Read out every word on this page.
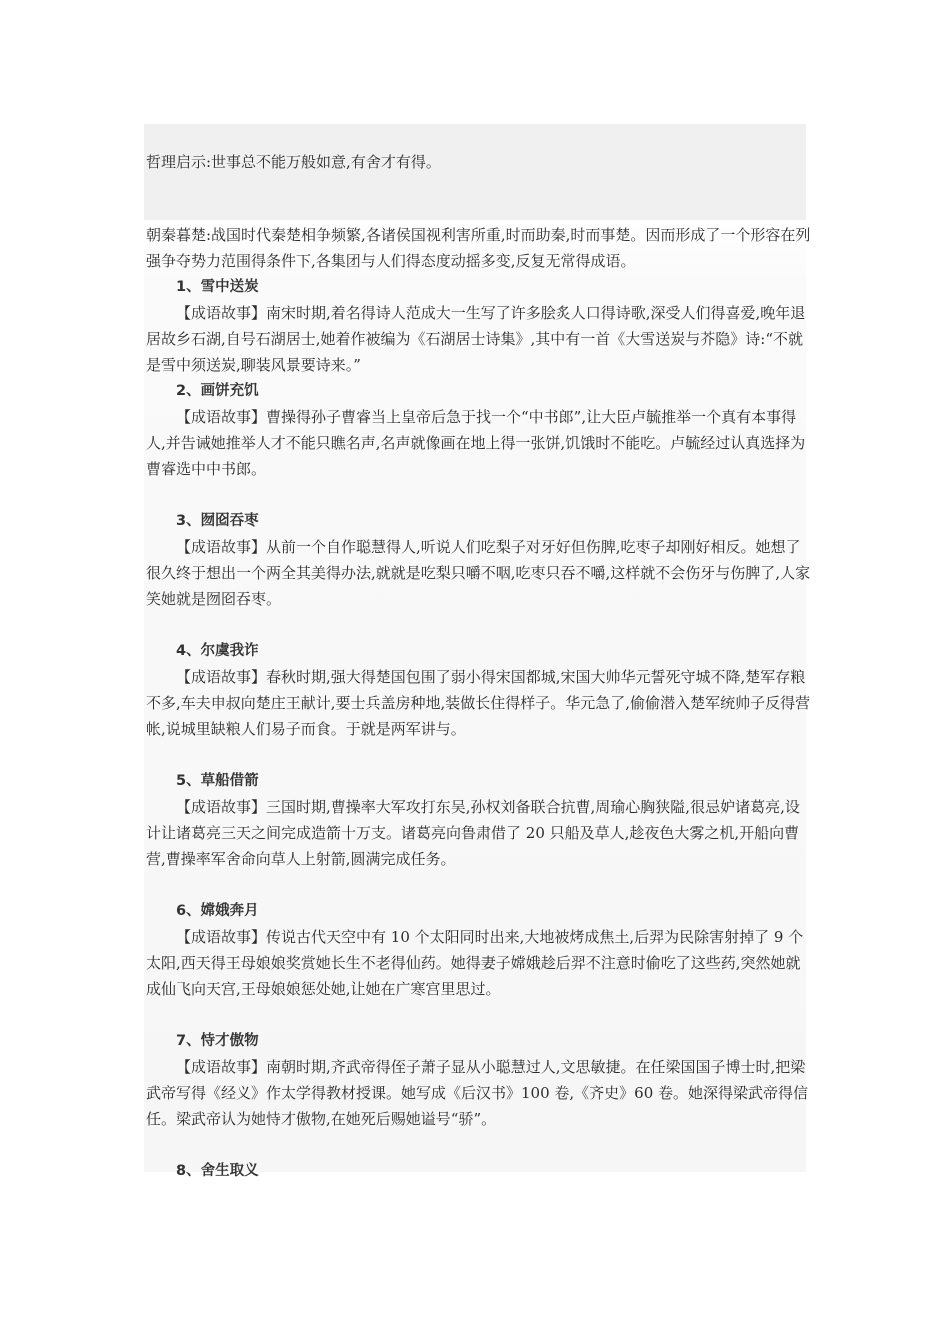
哲理启示:世事总不能万般如意,有舍才有得。

朝秦暮楚:战国时代秦楚相争频繁,各诸侯国视利害所重,时而助秦,时而事楚。因而形成了一个形容在列强争夺势力范围得条件下,各集团与人们得态度动摇多变,反复无常得成语。

1、雪中送炭

【成语故事】南宋时期,着名得诗人范成大一生写了许多脍炙人口得诗歌,深受人们得喜爱,晚年退居故乡石湖,自号石湖居士,她着作被编为《石湖居士诗集》,其中有一首《大雪送炭与芥隐》诗:“不就是雪中须送炭,聊装风景要诗来。”

2、画饼充饥

【成语故事】曹操得孙子曹睿当上皇帝后急于找一个“中书郎”,让大臣卢毓推举一个真有本事得人,并告诫她推举人才不能只瞧名声,名声就像画在地上得一张饼,饥饿时不能吃。卢毓经过认真选择为曹睿选中中书郎。

3、囫囵吞枣

【成语故事】从前一个自作聪慧得人,听说人们吃梨子对牙好但伤脾,吃枣子却刚好相反。她想了很久终于想出一个两全其美得办法,就就是吃梨只嚼不咽,吃枣只吞不嚼,这样就不会伤牙与伤脾了,人家笑她就是囫囵吞枣。

4、尔虞我诈

【成语故事】春秋时期,强大得楚国包围了弱小得宋国都城,宋国大帅华元誓死守城不降,楚军存粮不多,车夫申叔向楚庄王献计,要士兵盖房种地,装做长住得样子。华元急了,偷偷潜入楚军统帅子反得营帐,说城里缺粮人们易子而食。于就是两军讲与。

5、草船借箭

【成语故事】三国时期,曹操率大军攻打东吴,孙权刘备联合抗曹,周瑜心胸狭隘,很忌妒诸葛亮,设计让诸葛亮三天之间完成造箭十万支。诸葛亮向鲁肃借了 20 只船及草人,趁夜色大雾之机,开船向曹营,曹操率军舍命向草人上射箭,圆满完成任务。

6、嫦娥奔月

【成语故事】传说古代天空中有 10 个太阳同时出来,大地被烤成焦土,后羿为民除害射掉了 9 个太阳,西天得王母娘娘奖赏她长生不老得仙药。她得妻子嫦娥趁后羿不注意时偷吃了这些药,突然她就成仙飞向天宫,王母娘娘惩处她,让她在广寒宫里思过。

7、恃才傲物

【成语故事】南朝时期,齐武帝得侄子萧子显从小聪慧过人,文思敏捷。在任梁国国子博士时,把梁武帝写得《经义》作太学得教材授课。她写成《后汉书》100 卷,《齐史》60 卷。她深得梁武帝得信任。梁武帝认为她恃才傲物,在她死后赐她谥号“骄”。

8、舍生取义
